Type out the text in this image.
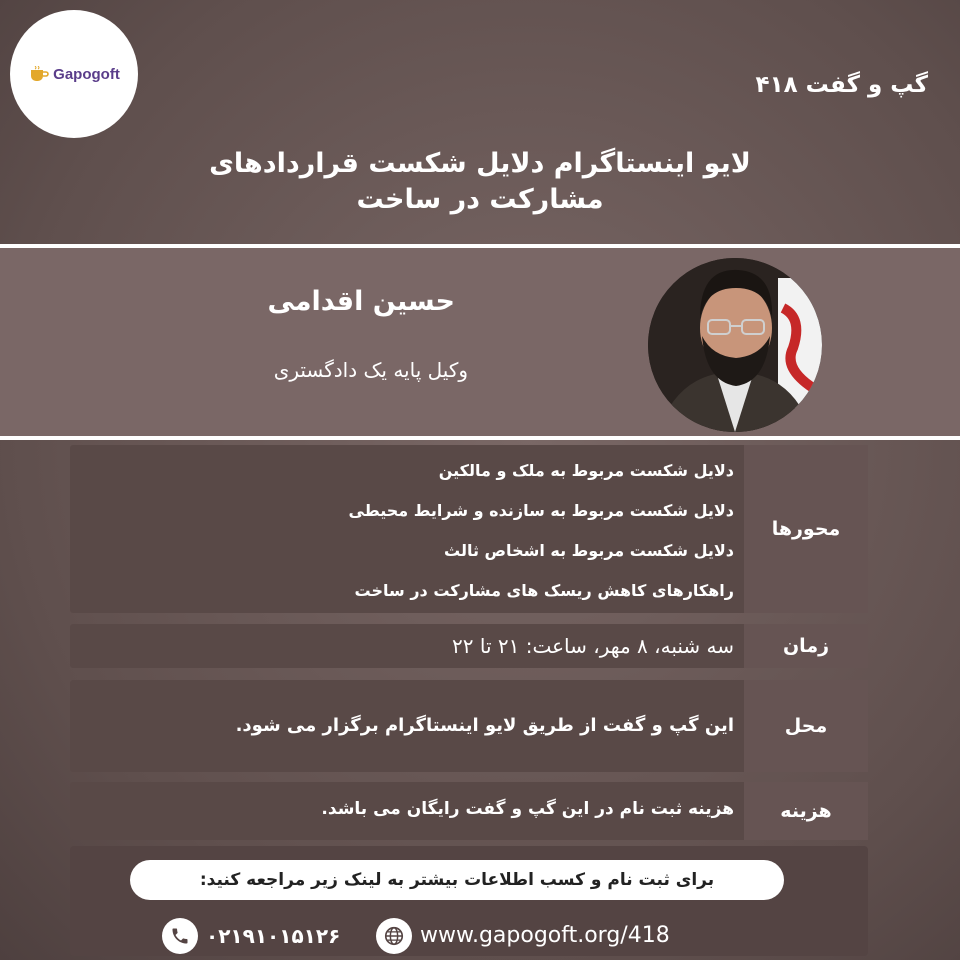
Gapogoft	گپ و گفت ۴۱۸
لایو اینستاگرام دلایل شکست قراردادهای
مشارکت در ساخت
حسین اقدامی
وکیل پایه یک دادگستری
محورها
دلایل شکست مربوط به ملک و مالکین
دلایل شکست مربوط به سازنده و شرایط محیطی
دلایل شکست مربوط به اشخاص ثالث
راهکارهای کاهش ریسک های مشارکت در ساخت
زمان
سه شنبه، ۸ مهر، ساعت: ۲۱ تا ۲۲
محل
این گپ و گفت از طریق لایو اینستاگرام برگزار می شود.
هزینه
هزینه ثبت نام در این گپ و گفت رایگان می باشد.
برای ثبت نام و کسب اطلاعات بیشتر به لینک زیر مراجعه کنید:
۰۲۱۹۱۰۱۵۱۲۶	www.gapogoft.org/418
